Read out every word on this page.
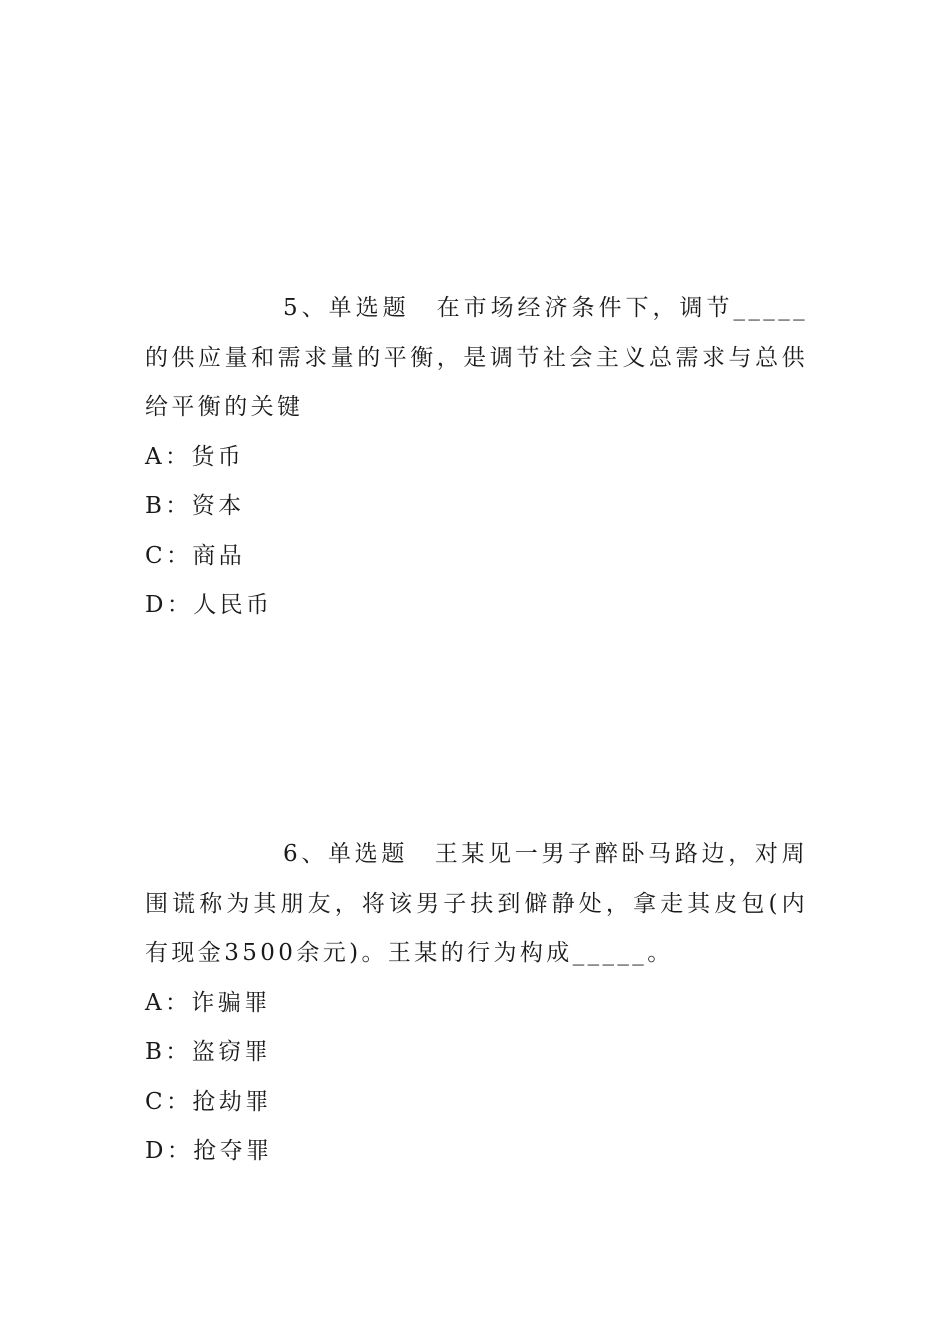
5、单选题　在市场经济条件下，调节_____的供应量和需求量的平衡，是调节社会主义总需求与总供给平衡的关键

A：货币
B：资本
C：商品
D：人民币

6、单选题　王某见一男子醉卧马路边，对周围谎称为其朋友，将该男子扶到僻静处，拿走其皮包(内有现金3500余元)。王某的行为构成_____。

A：诈骗罪
B：盗窃罪
C：抢劫罪
D：抢夺罪
